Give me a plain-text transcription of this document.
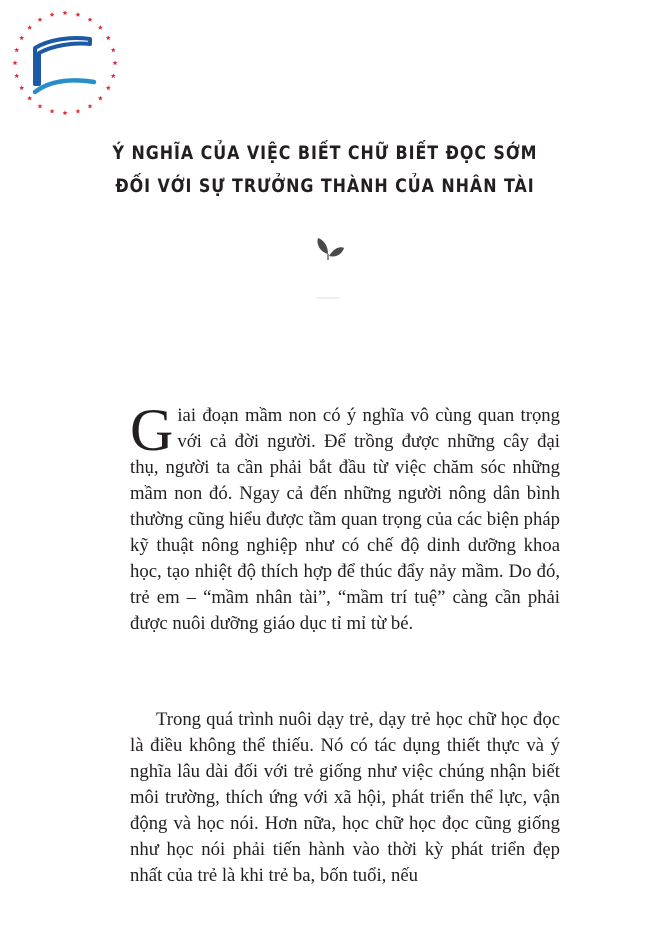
Ý NGHĨA CỦA VIỆC BIẾT CHỮ BIẾT ĐỌC SỚM
ĐỐI VỚI SỰ TRƯỞNG THÀNH CỦA NHÂN TÀI

Giai đoạn mầm non có ý nghĩa vô cùng quan trọng với cả đời người. Để trồng được những cây đại thụ, người ta cần phải bắt đầu từ việc chăm sóc những mầm non đó. Ngay cả đến những người nông dân bình thường cũng hiểu được tầm quan trọng của các biện pháp kỹ thuật nông nghiệp như có chế độ dinh dưỡng khoa học, tạo nhiệt độ thích hợp để thúc đẩy nảy mầm. Do đó, trẻ em – “mầm nhân tài”, “mầm trí tuệ” càng cần phải được nuôi dưỡng giáo dục tỉ mỉ từ bé.

Trong quá trình nuôi dạy trẻ, dạy trẻ học chữ học đọc là điều không thể thiếu. Nó có tác dụng thiết thực và ý nghĩa lâu dài đối với trẻ giống như việc chúng nhận biết môi trường, thích ứng với xã hội, phát triển thể lực, vận động và học nói. Hơn nữa, học chữ học đọc cũng giống như học nói phải tiến hành vào thời kỳ phát triển đẹp nhất của trẻ là khi trẻ ba, bốn tuổi, nếu
